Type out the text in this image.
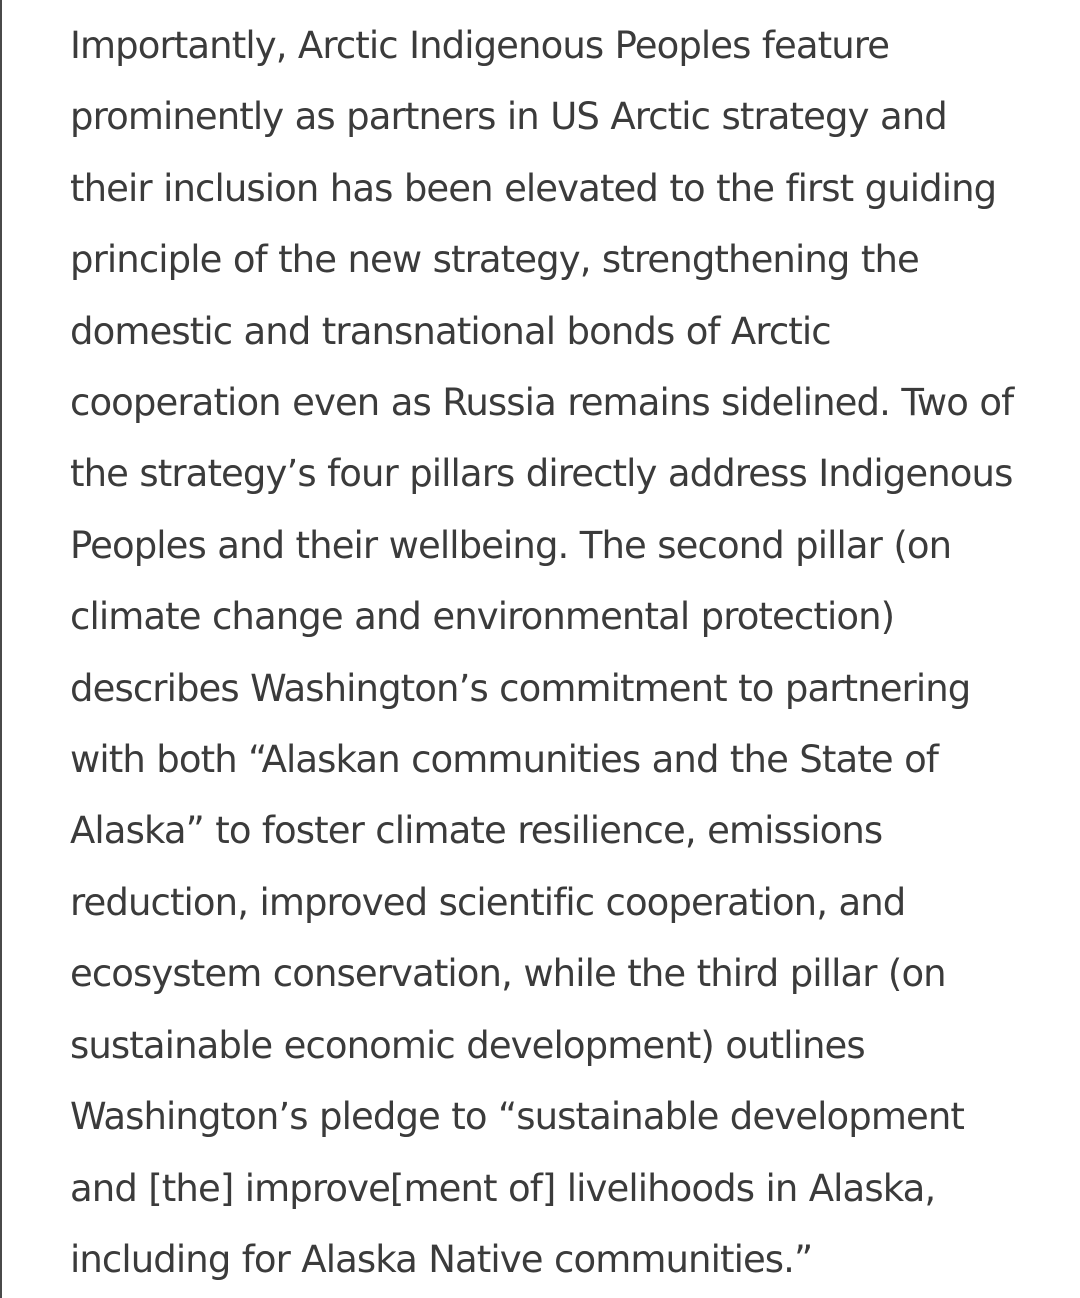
Importantly, Arctic Indigenous Peoples feature
prominently as partners in US Arctic strategy and
their inclusion has been elevated to the first guiding
principle of the new strategy, strengthening the
domestic and transnational bonds of Arctic
cooperation even as Russia remains sidelined. Two of
the strategy’s four pillars directly address Indigenous
Peoples and their wellbeing. The second pillar (on
climate change and environmental protection)
describes Washington’s commitment to partnering
with both “Alaskan communities and the State of
Alaska” to foster climate resilience, emissions
reduction, improved scientific cooperation, and
ecosystem conservation, while the third pillar (on
sustainable economic development) outlines
Washington’s pledge to “sustainable development
and [the] improve[ment of] livelihoods in Alaska,
including for Alaska Native communities.”
